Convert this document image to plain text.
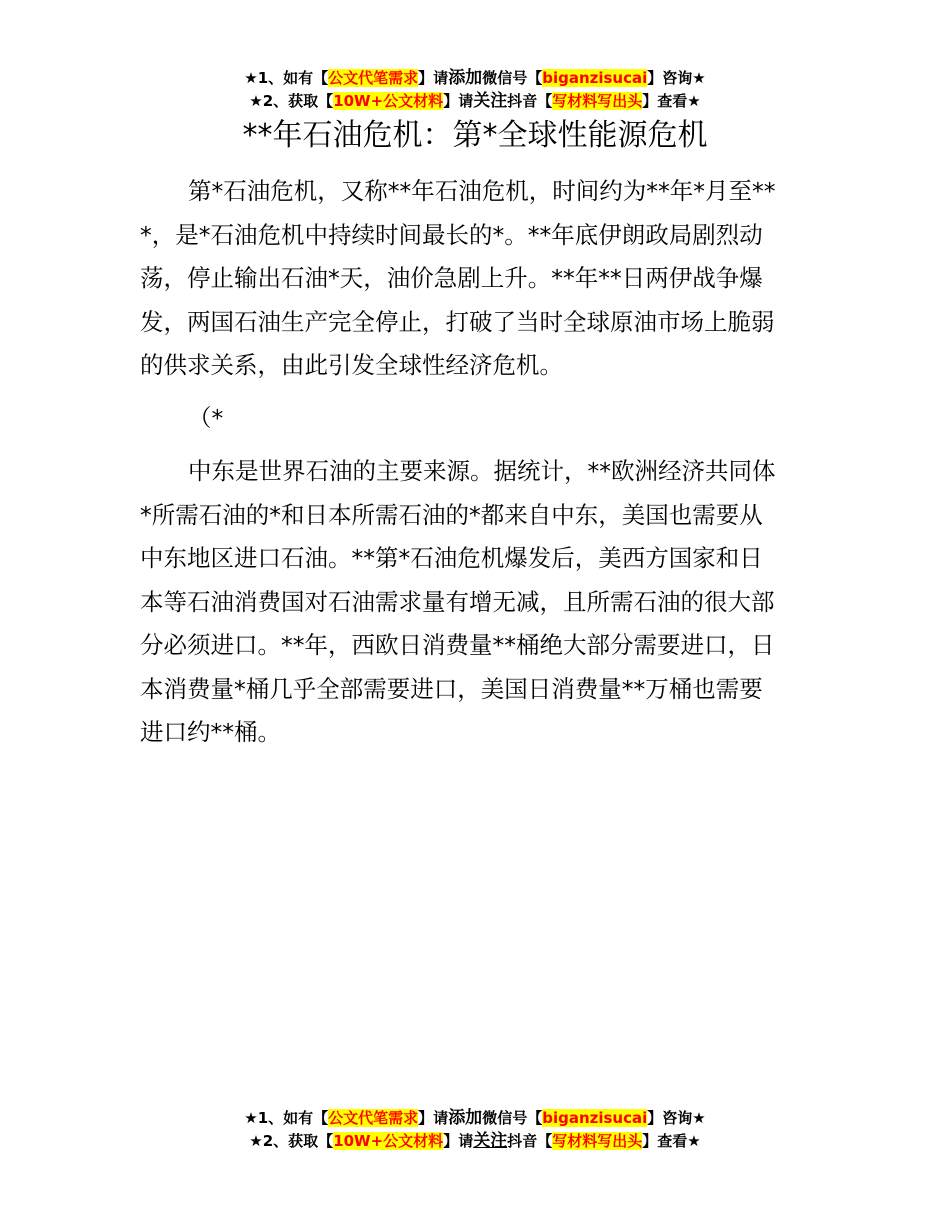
★1、如有【公文代笔需求】请添加微信号【biganzisucai】咨询★
★2、获取【10W+公文材料】请关注抖音【写材料写出头】查看★
**年石油危机：第*全球性能源危机
第*石油危机，又称**年石油危机，时间约为**年*月至**
*，是*石油危机中持续时间最长的*。**年底伊朗政局剧烈动
荡，停止输出石油*天，油价急剧上升。**年**日两伊战争爆
发，两国石油生产完全停止，打破了当时全球原油市场上脆弱
的供求关系，由此引发全球性经济危机。
（*
中东是世界石油的主要来源。据统计，**欧洲经济共同体
*所需石油的*和日本所需石油的*都来自中东，美国也需要从
中东地区进口石油。**第*石油危机爆发后，美西方国家和日
本等石油消费国对石油需求量有增无减，且所需石油的很大部
分必须进口。**年，西欧日消费量**桶绝大部分需要进口，日
本消费量*桶几乎全部需要进口，美国日消费量**万桶也需要
进口约**桶。
★1、如有【公文代笔需求】请添加微信号【biganzisucai】咨询★
★2、获取【10W+公文材料】请关注抖音【写材料写出头】查看★
